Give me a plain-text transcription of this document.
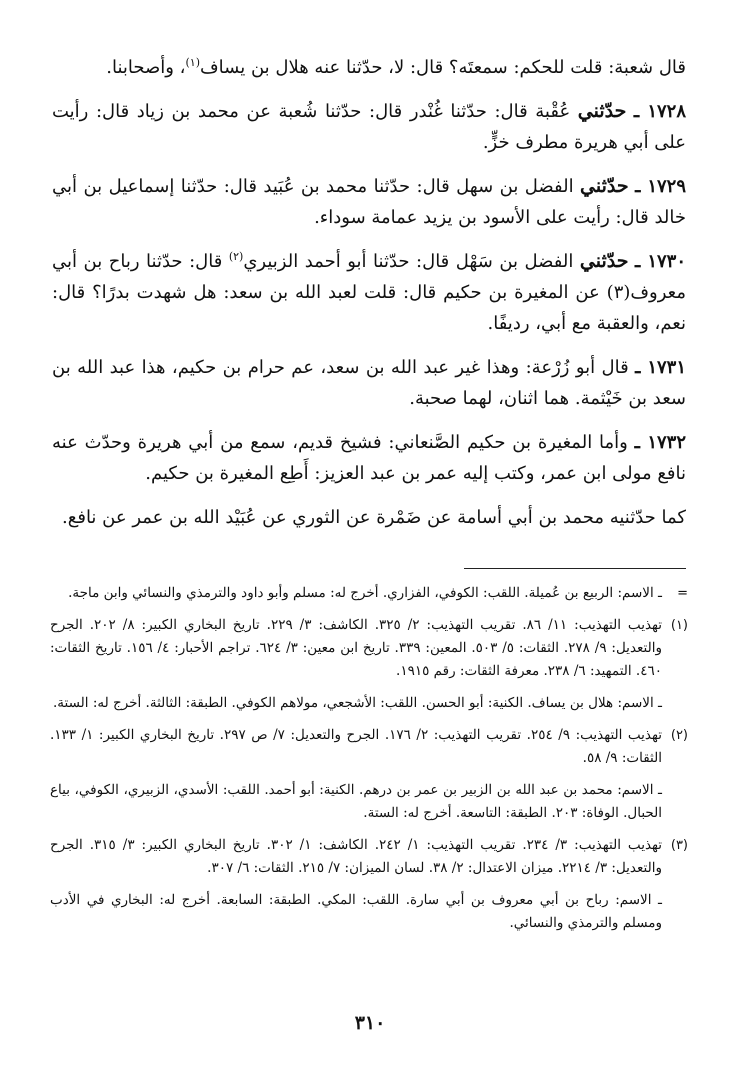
قال شعبة: قلت للحكم: سمعتَه؟ قال: لا، حدّثنا عنه هلال بن يساف$^{(١)}$، وأصحابنا.

١٧٢٨ ـ حدّثني عُقْبة قال: حدّثنا غُنْدر قال: حدّثنا شُعبة عن محمد بن زياد قال: رأيت على أبي هريرة مطرف خزٍّ.

١٧٢٩ ـ حدّثني الفضل بن سهل قال: حدّثنا محمد بن عُبَيد قال: حدّثنا إسماعيل بن أبي خالد قال: رأيت على الأسود بن يزيد عمامة سوداء.

١٧٣٠ ـ حدّثني الفضل بن سَهْل قال: حدّثنا أبو أحمد الزبيري$^{(٢)}$ قال: حدّثنا رباح بن أبي معروف(٣) عن المغيرة بن حكيم قال: قلت لعبد الله بن سعد: هل شهدت بدرًا؟ قال: نعم، والعقبة مع أبي، رديفًا.

١٧٣١ ـ قال أبو زُرْعة: وهذا غير عبد الله بن سعد، عم حرام بن حكيم، هذا عبد الله بن سعد بن خَيْثمة. هما اثنان، لهما صحبة.

١٧٣٢ ـ وأما المغيرة بن حكيم الصَّنعاني: فشيخ قديم، سمع من أبي هريرة وحدّث عنه نافع مولى ابن عمر، وكتب إليه عمر بن عبد العزيز: أَطِع المغيرة بن حكيم.

كما حدّثنيه محمد بن أبي أسامة عن ضَمْرة عن الثوري عن عُبَيْد الله بن عمر عن نافع.

=
ـ الاسم: الربيع بن عُميلة. اللقب: الكوفي، الفزاري. أخرج له: مسلم وأبو داود والترمذي والنسائي وابن ماجة.
(١)
تهذيب التهذيب: ١١/ ٨٦. تقريب التهذيب: ٢/ ٣٢٥. الكاشف: ٣/ ٢٢٩. تاريخ البخاري الكبير: ٨/ ٢٠٢. الجرح والتعديل: ٩/ ٢٧٨. الثقات: ٥/ ٥٠٣. المعين: ٣٣٩. تاريخ ابن معين: ٣/ ٦٢٤. تراجم الأحبار: ٤/ ١٥٦. تاريخ الثقات: ٤٦٠. التمهيد: ٦/ ٢٣٨. معرفة الثقات: رقم ١٩١٥.
ـ الاسم: هلال بن يساف. الكنية: أبو الحسن. اللقب: الأشجعي، مولاهم الكوفي. الطبقة: الثالثة. أخرج له: الستة.
(٢)
تهذيب التهذيب: ٩/ ٢٥٤. تقريب التهذيب: ٢/ ١٧٦. الجرح والتعديل: ٧/ ص ٢٩٧. تاريخ البخاري الكبير: ١/ ١٣٣. الثقات: ٩/ ٥٨.
ـ الاسم: محمد بن عبد الله بن الزبير بن عمر بن درهم. الكنية: أبو أحمد. اللقب: الأسدي، الزبيري، الكوفي، بياع الحبال. الوفاة: ٢٠٣. الطبقة: التاسعة. أخرج له: الستة.
(٣)
تهذيب التهذيب: ٣/ ٢٣٤. تقريب التهذيب: ١/ ٢٤٢. الكاشف: ١/ ٣٠٢. تاريخ البخاري الكبير: ٣/ ٣١٥. الجرح والتعديل: ٣/ ٢٢١٤. ميزان الاعتدال: ٢/ ٣٨. لسان الميزان: ٧/ ٢١٥. الثقات: ٦/ ٣٠٧.
ـ الاسم: رباح بن أبي معروف بن أبي سارة. اللقب: المكي. الطبقة: السابعة. أخرج له: البخاري في الأدب ومسلم والترمذي والنسائي.
٣١٠
